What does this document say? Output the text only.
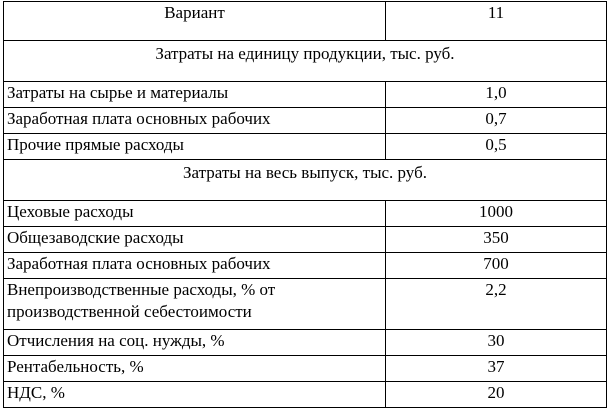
Вариант	11
Затраты на единицу продукции, тыс. руб.	
Затраты на сырье и материалы	1,0
Заработная плата основных рабочих	0,7
Прочие прямые расходы	0,5
Затраты на весь выпуск, тыс. руб.	
Цеховые расходы	1000
Общезаводские расходы	350
Заработная плата основных рабочих	700
Внепроизводственные расходы, % от производственной себестоимости	2,2
Отчисления на соц. нужды, %	30
Рентабельность, %	37
НДС, %	20
